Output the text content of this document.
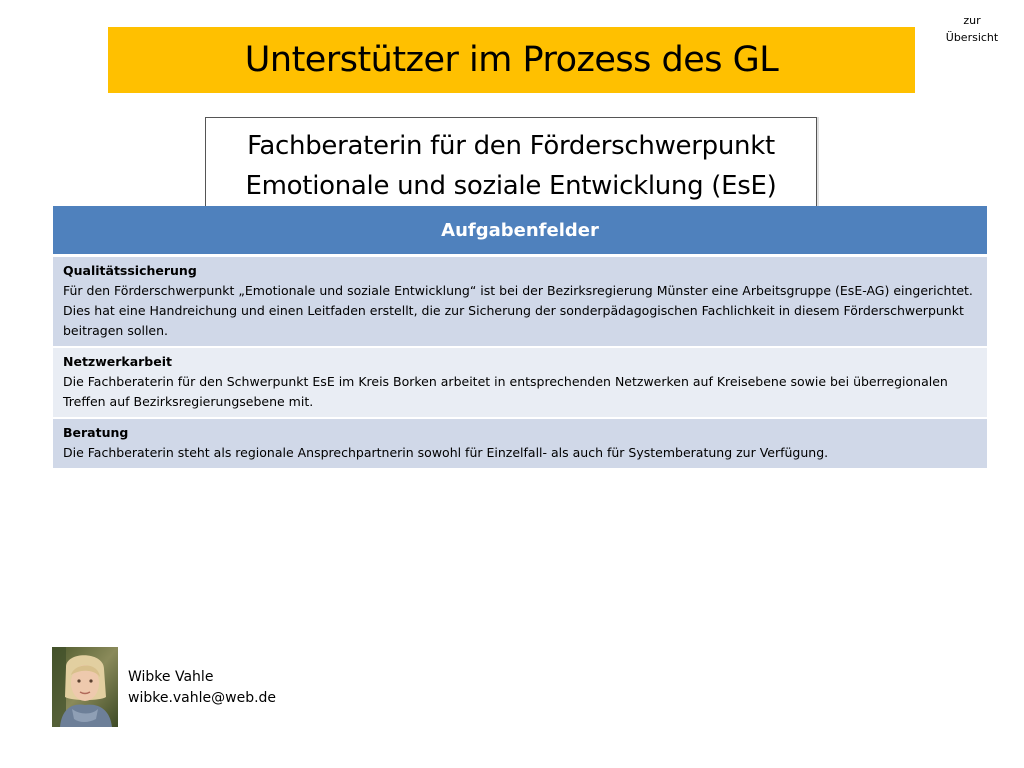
zur
Übersicht
Unterstützer im Prozess des GL
Fachberaterin für den Förderschwerpunkt
Emotionale und soziale Entwicklung (EsE)
Aufgabenfelder

Qualitätssicherung
Für den Förderschwerpunkt „Emotionale und soziale Entwicklung“ ist bei der Bezirksregierung Münster eine Arbeitsgruppe (EsE-AG) eingerichtet. Dies hat eine Handreichung und einen Leitfaden erstellt, die zur Sicherung der sonderpädagogischen Fachlichkeit in diesem Förderschwerpunkt beitragen sollen.

Netzwerkarbeit
Die Fachberaterin für den Schwerpunkt EsE im Kreis Borken arbeitet in entsprechenden Netzwerken auf Kreisebene sowie bei überregionalen Treffen auf Bezirksregierungsebene mit.

Beratung
Die Fachberaterin steht als regionale Ansprechpartnerin sowohl für Einzelfall- als auch für Systemberatung zur Verfügung.
Wibke Vahle
wibke.vahle@web.de
